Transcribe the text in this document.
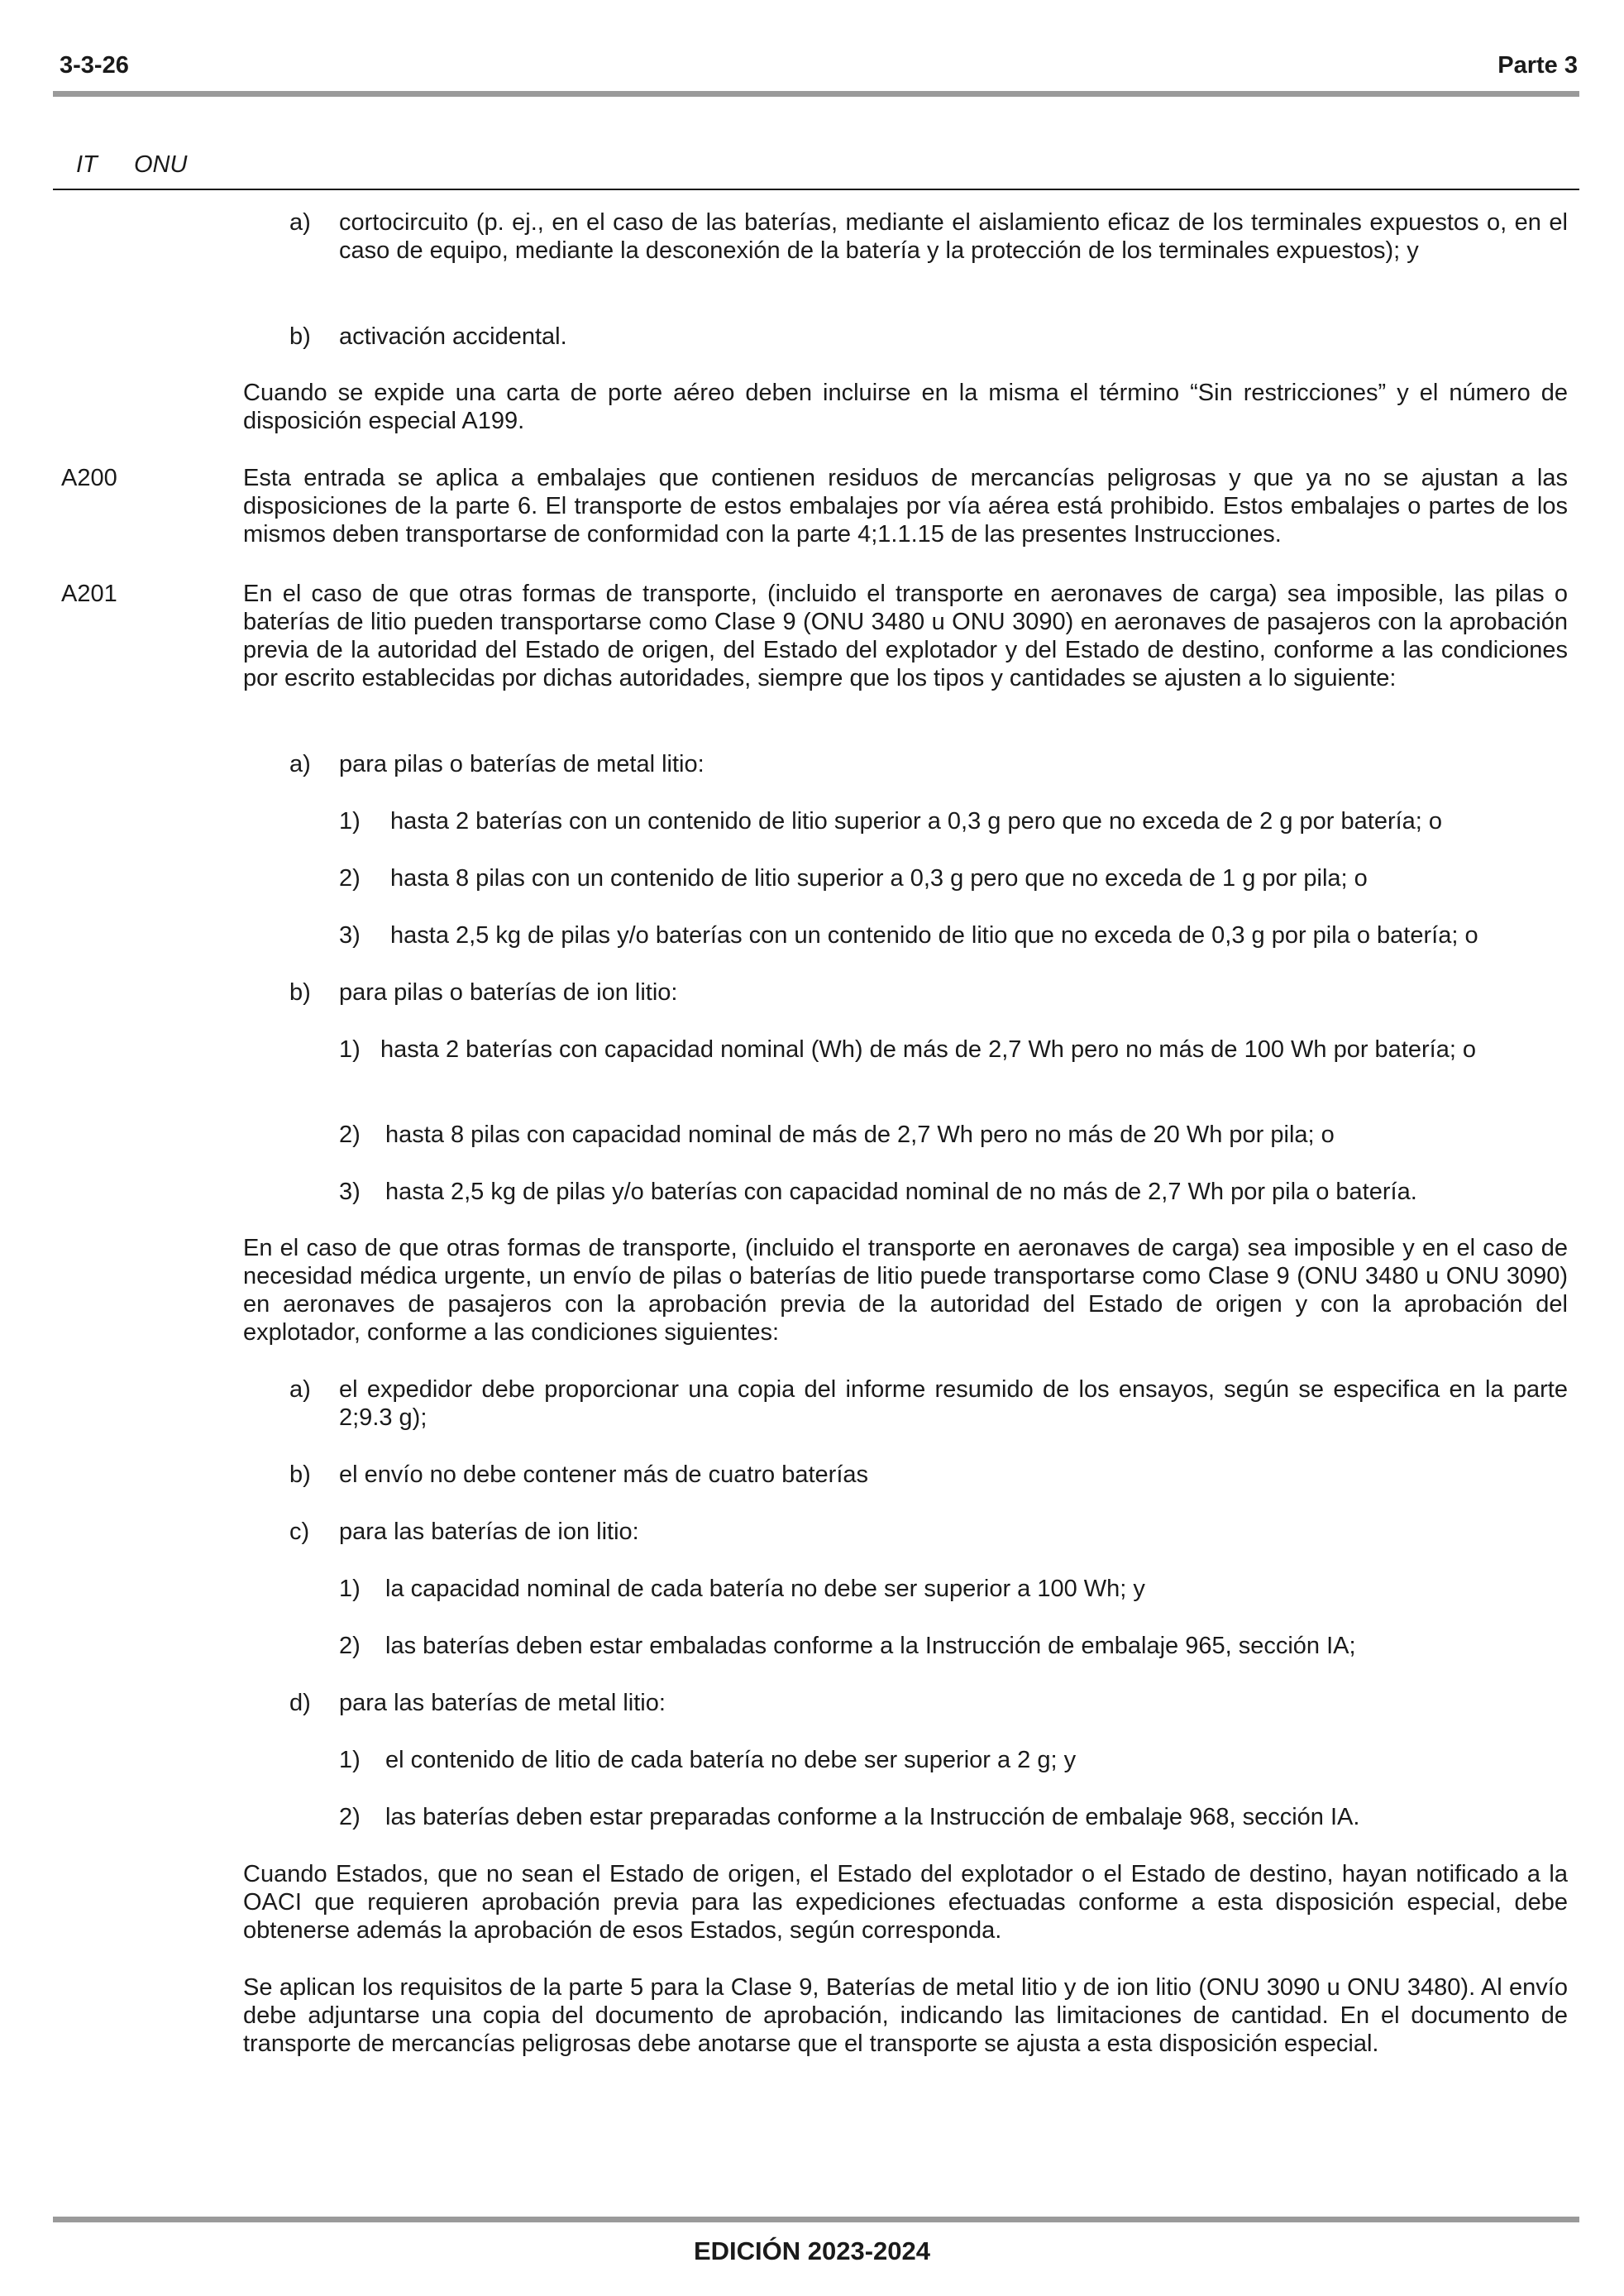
3-3-26	Parte 3
IT ONU
a) cortocircuito (p. ej., en el caso de las baterías, mediante el aislamiento eficaz de los terminales expuestos o, en el caso de equipo, mediante la desconexión de la batería y la protección de los terminales expuestos); y
b) activación accidental.
Cuando se expide una carta de porte aéreo deben incluirse en la misma el término “Sin restricciones” y el número de disposición especial A199.
A200	Esta entrada se aplica a embalajes que contienen residuos de mercancías peligrosas y que ya no se ajustan a las disposiciones de la parte 6. El transporte de estos embalajes por vía aérea está prohibido. Estos embalajes o partes de los mismos deben transportarse de conformidad con la parte 4;1.1.15 de las presentes Instrucciones.
A201	En el caso de que otras formas de transporte, (incluido el transporte en aeronaves de carga) sea imposible, las pilas o baterías de litio pueden transportarse como Clase 9 (ONU 3480 u ONU 3090) en aeronaves de pasajeros con la aprobación previa de la autoridad del Estado de origen, del Estado del explotador y del Estado de destino, conforme a las condiciones por escrito establecidas por dichas autoridades, siempre que los tipos y cantidades se ajusten a lo siguiente:
a) para pilas o baterías de metal litio:
1) hasta 2 baterías con un contenido de litio superior a 0,3 g pero que no exceda de 2 g por batería; o
2) hasta 8 pilas con un contenido de litio superior a 0,3 g pero que no exceda de 1 g por pila; o
3) hasta 2,5 kg de pilas y/o baterías con un contenido de litio que no exceda de 0,3 g por pila o batería; o
b) para pilas o baterías de ion litio:
1) hasta 2 baterías con capacidad nominal (Wh) de más de 2,7 Wh pero no más de 100 Wh por batería; o
2) hasta 8 pilas con capacidad nominal de más de 2,7 Wh pero no más de 20 Wh por pila; o
3) hasta 2,5 kg de pilas y/o baterías con capacidad nominal de no más de 2,7 Wh por pila o batería.
En el caso de que otras formas de transporte, (incluido el transporte en aeronaves de carga) sea imposible y en el caso de necesidad médica urgente, un envío de pilas o baterías de litio puede transportarse como Clase 9 (ONU 3480 u ONU 3090) en aeronaves de pasajeros con la aprobación previa de la autoridad del Estado de origen y con la aprobación del explotador, conforme a las condiciones siguientes:
a) el expedidor debe proporcionar una copia del informe resumido de los ensayos, según se especifica en la parte 2;9.3 g);
b) el envío no debe contener más de cuatro baterías
c) para las baterías de ion litio:
1) la capacidad nominal de cada batería no debe ser superior a 100 Wh; y
2) las baterías deben estar embaladas conforme a la Instrucción de embalaje 965, sección IA;
d) para las baterías de metal litio:
1) el contenido de litio de cada batería no debe ser superior a 2 g; y
2) las baterías deben estar preparadas conforme a la Instrucción de embalaje 968, sección IA.
Cuando Estados, que no sean el Estado de origen, el Estado del explotador o el Estado de destino, hayan notificado a la OACI que requieren aprobación previa para las expediciones efectuadas conforme a esta disposición especial, debe obtenerse además la aprobación de esos Estados, según corresponda.
Se aplican los requisitos de la parte 5 para la Clase 9, Baterías de metal litio y de ion litio (ONU 3090 u ONU 3480). Al envío debe adjuntarse una copia del documento de aprobación, indicando las limitaciones de cantidad. En el documento de transporte de mercancías peligrosas debe anotarse que el transporte se ajusta a esta disposición especial.
EDICIÓN 2023-2024
